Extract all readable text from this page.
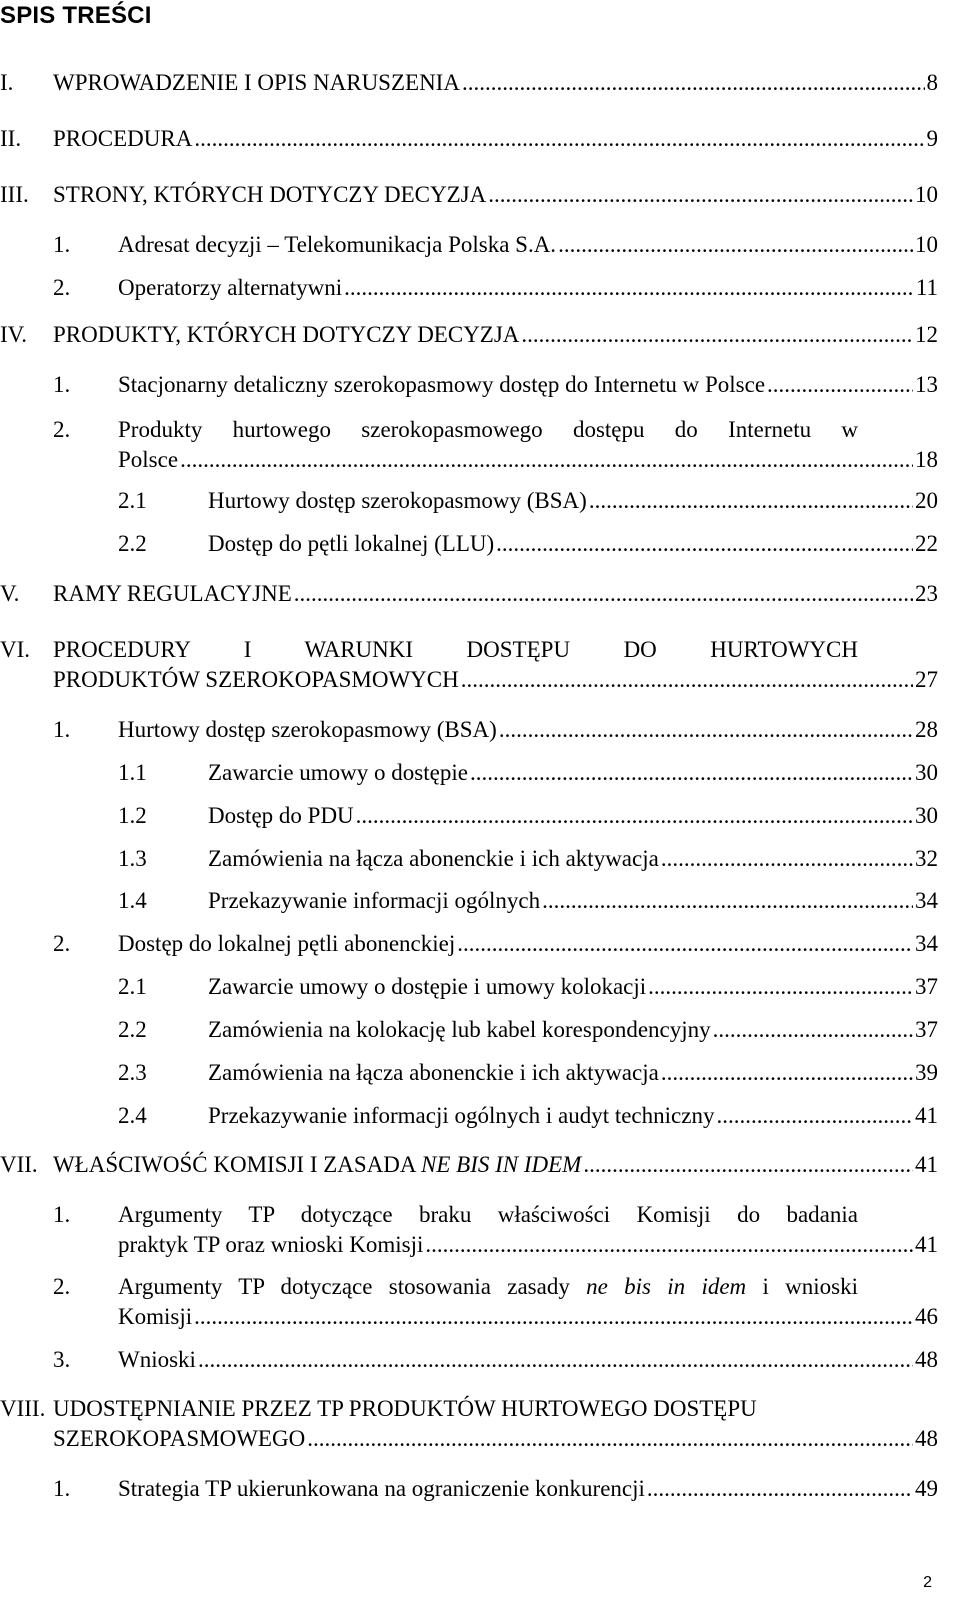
SPIS TREŚCI
I. WPROWADZENIE I OPIS NARUSZENIA .....	8
II. PROCEDURA .....	9
III. STRONY, KTÓRYCH DOTYCZY DECYZJA .....	10
1. Adresat decyzji – Telekomunikacja Polska S.A. .....	10
2. Operatorzy alternatywni .....	11
IV. PRODUKTY, KTÓRYCH DOTYCZY DECYZJA .....	12
1. Stacjonarny detaliczny szerokopasmowy dostęp do Internetu w Polsce .....	13
2. Produkty hurtowego szerokopasmowego dostępu do Internetu w
Polsce .....	18
2.1	Hurtowy dostęp szerokopasmowy (BSA) .....	20
2.2	Dostęp do pętli lokalnej (LLU) .....	22
V. RAMY REGULACYJNE .....	23
VI. PROCEDURY I WARUNKI DOSTĘPU DO HURTOWYCH
PRODUKTÓW SZEROKOPASMOWYCH .....	27
1. Hurtowy dostęp szerokopasmowy (BSA) .....	28
1.1	Zawarcie umowy o dostępie .....	30
1.2	Dostęp do PDU .....	30
1.3	Zamówienia na łącza abonenckie i ich aktywacja .....	32
1.4	Przekazywanie informacji ogólnych .....	34
2. Dostęp do lokalnej pętli abonenckiej .....	34
2.1	Zawarcie umowy o dostępie i umowy kolokacji .....	37
2.2	Zamówienia na kolokację lub kabel korespondencyjny .....	37
2.3	Zamówienia na łącza abonenckie i ich aktywacja .....	39
2.4	Przekazywanie informacji ogólnych i audyt techniczny .....	41
VII. WŁAŚCIWOŚĆ KOMISJI I ZASADA NE BIS IN IDEM .....	41
1. Argumenty TP dotyczące braku właściwości Komisji do badania
praktyk TP oraz wnioski Komisji .....	41
2. Argumenty TP dotyczące stosowania zasady ne bis in idem i wnioski
Komisji .....	46
3. Wnioski .....	48
VIII. UDOSTĘPNIANIE PRZEZ TP PRODUKTÓW HURTOWEGO DOSTĘPU
SZEROKOPASMOWEGO .....	48
1. Strategia TP ukierunkowana na ograniczenie konkurencji .....	49
2
